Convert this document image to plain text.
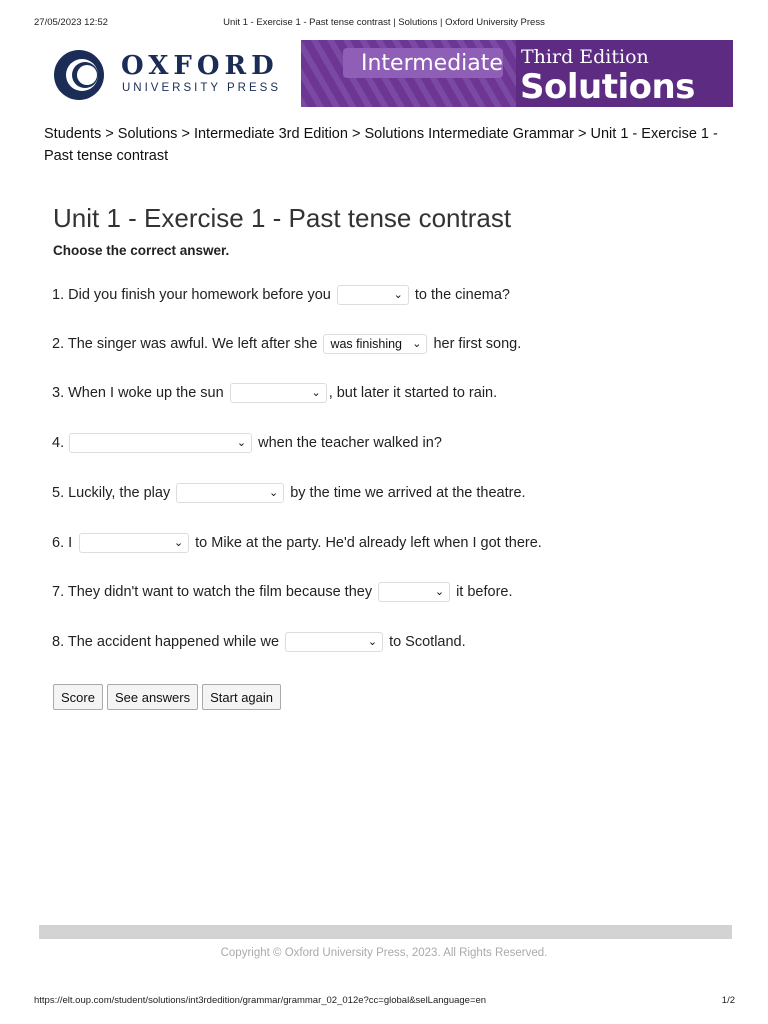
27/05/2023 12:52	Unit 1 - Exercise 1 - Past tense contrast | Solutions | Oxford University Press
OXFORD
UNIVERSITY PRESS
Intermediate Third Edition
Solutions
Students > Solutions > Intermediate 3rd Edition > Solutions Intermediate Grammar > Unit 1 - Exercise 1 - Past tense contrast
Unit 1 - Exercise 1 - Past tense contrast
Choose the correct answer.
1. Did you finish your homework before you	⌄ to the cinema?
2. The singer was awful. We left after she	was finishing ⌄ her first song.
3. When I woke up the sun	⌄ , but later it started to rain.
4.	⌄ when the teacher walked in?
5. Luckily, the play	⌄ by the time we arrived at the theatre.
6. I	⌄ to Mike at the party. He'd already left when I got there.
7. They didn't want to watch the film because they	⌄ it before.
8. The accident happened while we	⌄ to Scotland.
Score	See answers	Start again
Copyright © Oxford University Press, 2023. All Rights Reserved.
https://elt.oup.com/student/solutions/int3rdedition/grammar/grammar_02_012e?cc=global&selLanguage=en	1/2
